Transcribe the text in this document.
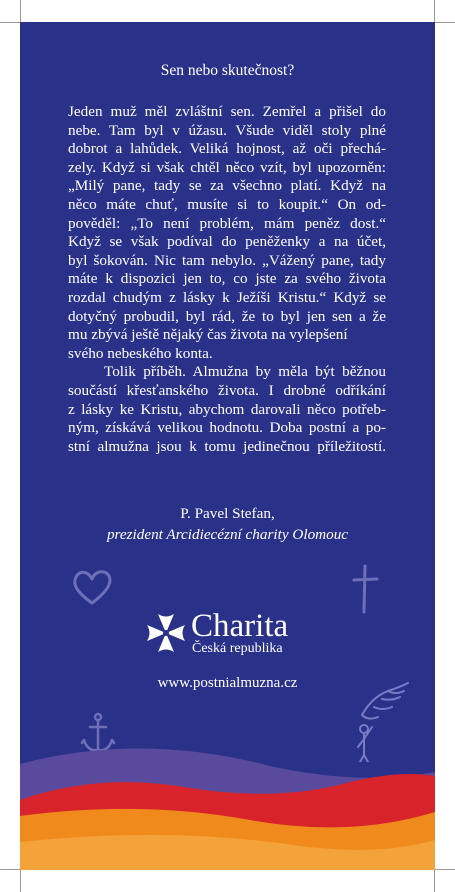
Sen nebo skutečnost?
Jeden muž měl zvláštní sen. Zemřel a přišel do
nebe. Tam byl v úžasu. Všude viděl stoly plné
dobrot a lahůdek. Veliká hojnost, až oči přechá-
zely. Když si však chtěl něco vzít, byl upozorněn:
„Milý pane, tady se za všechno platí. Když na
něco máte chuť, musíte si to koupit.“ On od-
pověděl: „To není problém, mám peněz dost.“
Když se však podíval do peněženky a na účet,
byl šokován. Nic tam nebylo. „Vážený pane, tady
máte k dispozici jen to, co jste za svého života
rozdal chudým z lásky k Ježíši Kristu.“ Když se
dotyčný probudil, byl rád, že to byl jen sen a že
mu zbývá ještě nějaký čas života na vylepšení
svého nebeského konta.
Tolik příběh. Almužna by měla být běžnou
součástí křesťanského života. I drobné odříkání
z lásky ke Kristu, abychom darovali něco potřeb-
ným, získává velikou hodnotu. Doba postní a po-
stní almužna jsou k tomu jedinečnou příležitostí.
P. Pavel Stefan,
prezident Arcidiecézní charity Olomouc
Charita
Česká republika
www.postnialmuzna.cz
